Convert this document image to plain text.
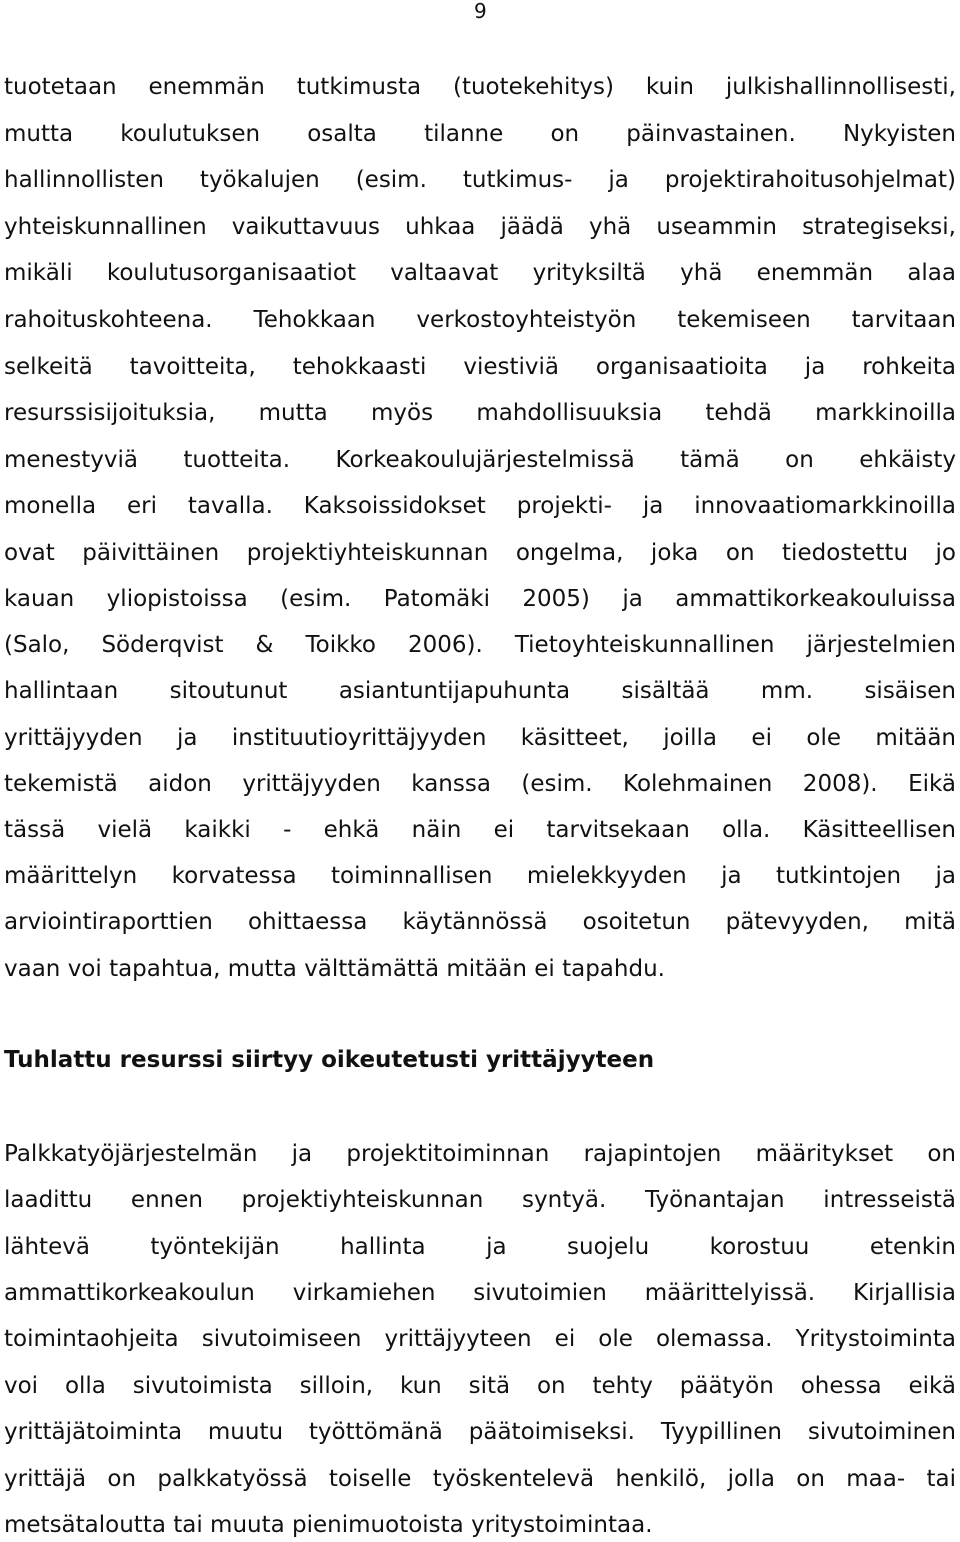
9
tuotetaan enemmän tutkimusta (tuotekehitys) kuin julkishallinnollisesti,
mutta koulutuksen osalta tilanne on päinvastainen. Nykyisten
hallinnollisten työkalujen (esim. tutkimus- ja projektirahoitusohjelmat)
yhteiskunnallinen vaikuttavuus uhkaa jäädä yhä useammin strategiseksi,
mikäli koulutusorganisaatiot valtaavat yrityksiltä yhä enemmän alaa
rahoituskohteena. Tehokkaan verkostoyhteistyön tekemiseen tarvitaan
selkeitä tavoitteita, tehokkaasti viestiviä organisaatioita ja rohkeita
resurssisijoituksia, mutta myös mahdollisuuksia tehdä markkinoilla
menestyviä tuotteita. Korkeakoulujärjestelmissä tämä on ehkäisty
monella eri tavalla. Kaksoissidokset projekti- ja innovaatiomarkkinoilla
ovat päivittäinen projektiyhteiskunnan ongelma, joka on tiedostettu jo
kauan yliopistoissa (esim. Patomäki 2005) ja ammattikorkeakouluissa
(Salo, Söderqvist & Toikko 2006). Tietoyhteiskunnallinen järjestelmien
hallintaan sitoutunut asiantuntijapuhunta sisältää mm. sisäisen
yrittäjyyden ja instituutioyrittäjyyden käsitteet, joilla ei ole mitään
tekemistä aidon yrittäjyyden kanssa (esim. Kolehmainen 2008). Eikä
tässä vielä kaikki - ehkä näin ei tarvitsekaan olla. Käsitteellisen
määrittelyn korvatessa toiminnallisen mielekkyyden ja tutkintojen ja
arviointiraporttien ohittaessa käytännössä osoitetun pätevyyden, mitä
vaan voi tapahtua, mutta välttämättä mitään ei tapahdu.
Tuhlattu resurssi siirtyy oikeutetusti yrittäjyyteen
Palkkatyöjärjestelmän ja projektitoiminnan rajapintojen määritykset on
laadittu ennen projektiyhteiskunnan syntyä. Työnantajan intresseistä
lähtevä työntekijän hallinta ja suojelu korostuu etenkin
ammattikorkeakoulun virkamiehen sivutoimien määrittelyissä. Kirjallisia
toimintaohjeita sivutoimiseen yrittäjyyteen ei ole olemassa. Yritystoiminta
voi olla sivutoimista silloin, kun sitä on tehty päätyön ohessa eikä
yrittäjätoiminta muutu työttömänä päätoimiseksi. Tyypillinen sivutoiminen
yrittäjä on palkkatyössä toiselle työskentelevä henkilö, jolla on maa- tai
metsätaloutta tai muuta pienimuotoista yritystoimintaa.
